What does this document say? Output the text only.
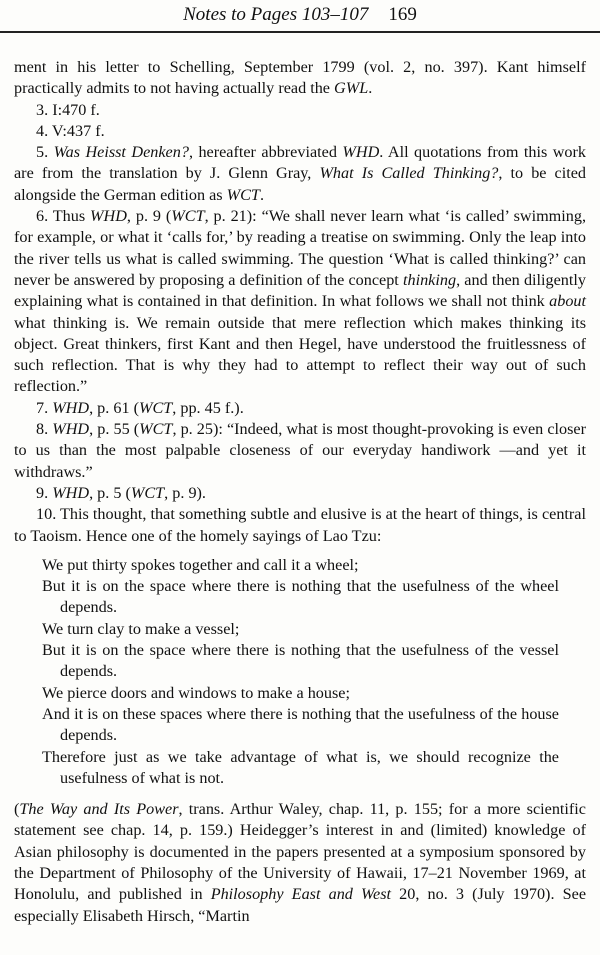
Notes to Pages 103–107 169

ment in his letter to Schelling, September 1799 (vol. 2, no. 397). Kant himself practically admits to not having actually read the GWL.

3. I:470 f.

4. V:437 f.

5. Was Heisst Denken?, hereafter abbreviated WHD. All quotations from this work are from the translation by J. Glenn Gray, What Is Called Thinking?, to be cited alongside the German edition as WCT.

6. Thus WHD, p. 9 (WCT, p. 21): “We shall never learn what ‘is called’ swimming, for example, or what it ‘calls for,’ by reading a treatise on swimming. Only the leap into the river tells us what is called swimming. The question ‘What is called thinking?’ can never be answered by proposing a definition of the concept thinking, and then diligently explaining what is contained in that definition. In what follows we shall not think about what thinking is. We remain outside that mere reflection which makes thinking its object. Great thinkers, first Kant and then Hegel, have understood the fruitlessness of such reflection. That is why they had to attempt to reflect their way out of such reflection.”

7. WHD, p. 61 (WCT, pp. 45 f.).

8. WHD, p. 55 (WCT, p. 25): “Indeed, what is most thought-provoking is even closer to us than the most palpable closeness of our everyday handiwork —and yet it withdraws.”

9. WHD, p. 5 (WCT, p. 9).

10. This thought, that something subtle and elusive is at the heart of things, is central to Taoism. Hence one of the homely sayings of Lao Tzu:

We put thirty spokes together and call it a wheel;

But it is on the space where there is nothing that the usefulness of the wheel depends.

We turn clay to make a vessel;

But it is on the space where there is nothing that the usefulness of the vessel depends.

We pierce doors and windows to make a house;

And it is on these spaces where there is nothing that the usefulness of the house depends.

Therefore just as we take advantage of what is, we should recognize the usefulness of what is not.

(The Way and Its Power, trans. Arthur Waley, chap. 11, p. 155; for a more scientific statement see chap. 14, p. 159.) Heidegger’s interest in and (limited) knowledge of Asian philosophy is documented in the papers presented at a symposium sponsored by the Department of Philosophy of the University of Hawaii, 17–21 November 1969, at Honolulu, and published in Philosophy East and West 20, no. 3 (July 1970). See especially Elisabeth Hirsch, “Martin
